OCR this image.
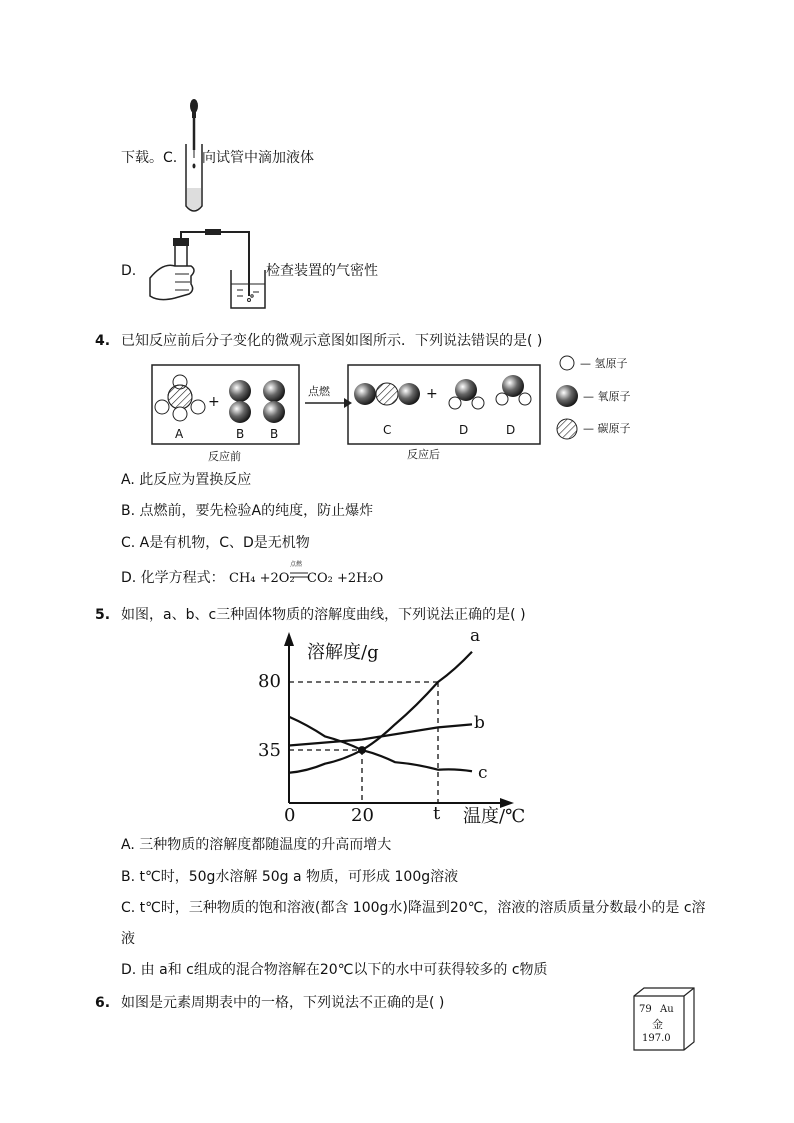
下载。C. 向试管中滴加液体
D.	检查装置的气密性
4. 已知反应前后分子变化的微观示意图如图所示．下列说法错误的是( )
A	B B
+
C	D	D
+
点燃
反应前	反应后
— 氢原子
— 氧原子
— 碳原子
A. 此反应为置换反应
B. 点燃前，要先检验A的纯度，防止爆炸
C. A是有机物，C、D是无机物
D. 化学方程式： CH₄ +2O₂
点燃
CO₂ +2H₂O
5. 如图，a、b、c三种固体物质的溶解度曲线，下列说法正确的是( )
溶解度/g
温度/℃
80
35
0	20	t
a
b
c
A. 三种物质的溶解度都随温度的升高而增大
B. t℃时，50g水溶解 50g a 物质，可形成 100g溶液
C. t℃时，三种物质的饱和溶液(都含 100g水)降温到20℃，溶液的溶质质量分数最小的是 c溶
液
D. 由 a和 c组成的混合物溶解在20℃以下的水中可获得较多的 c物质
6. 如图是元素周期表中的一格，下列说法不正确的是( )	79 Au
金
197.0
